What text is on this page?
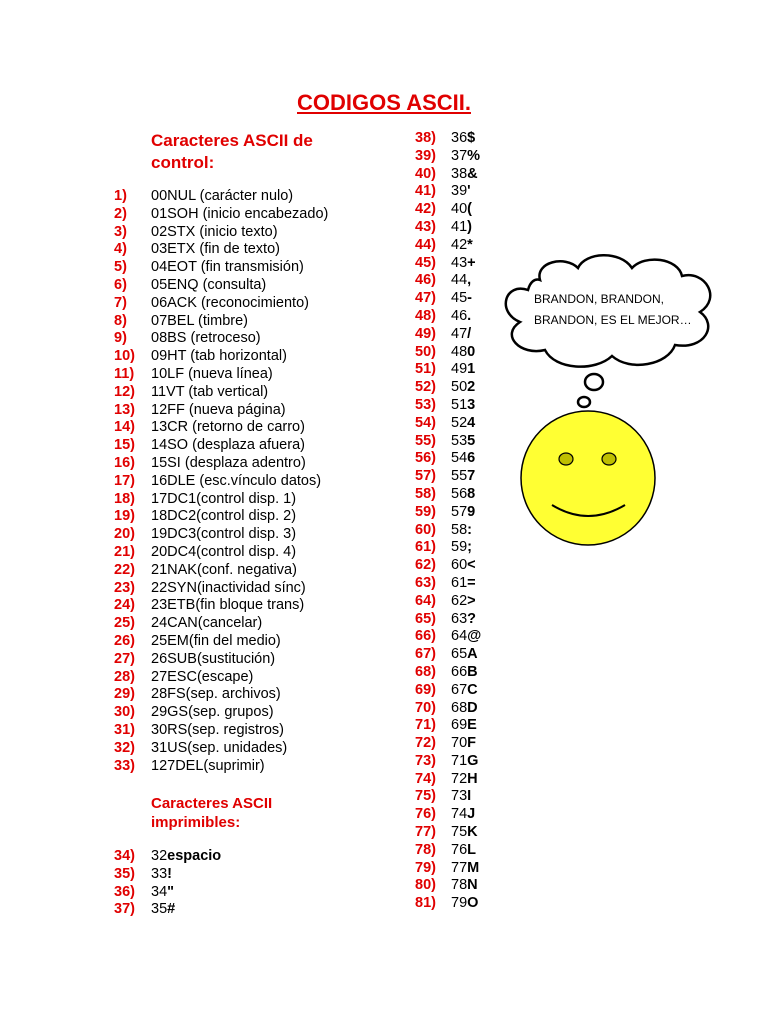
CODIGOS ASCII.
Caracteres ASCII de control:
1) 00NUL (carácter nulo)
2) 01SOH (inicio encabezado)
3) 02STX (inicio texto)
4) 03ETX (fin de texto)
5) 04EOT (fin transmisión)
6) 05ENQ (consulta)
7) 06ACK (reconocimiento)
8) 07BEL (timbre)
9) 08BS (retroceso)
10) 09HT (tab horizontal)
11) 10LF (nueva línea)
12) 11VT (tab vertical)
13) 12FF (nueva página)
14) 13CR (retorno de carro)
15) 14SO (desplaza afuera)
16) 15SI (desplaza adentro)
17) 16DLE (esc.vínculo datos)
18) 17DC1(control disp. 1)
19) 18DC2(control disp. 2)
20) 19DC3(control disp. 3)
21) 20DC4(control disp. 4)
22) 21NAK(conf. negativa)
23) 22SYN(inactividad sínc)
24) 23ETB(fin bloque trans)
25) 24CAN(cancelar)
26) 25EM(fin del medio)
27) 26SUB(sustitución)
28) 27ESC(escape)
29) 28FS(sep. archivos)
30) 29GS(sep. grupos)
31) 30RS(sep. registros)
32) 31US(sep. unidades)
33) 127DEL(suprimir)
Caracteres ASCII imprimibles:
34) 32espacio
35) 33!
36) 34"
37) 35#
38) 36$
39) 37%
40) 38&
41) 39'
42) 40(
43) 41)
44) 42*
45) 43+
46) 44,
47) 45-
48) 46.
49) 47/
50) 480
51) 491
52) 502
53) 513
54) 524
55) 535
56) 546
57) 557
58) 568
59) 579
60) 58:
61) 59;
62) 60<
63) 61=
64) 62>
65) 63?
66) 64@
67) 65A
68) 66B
69) 67C
70) 68D
71) 69E
72) 70F
73) 71G
74) 72H
75) 73I
76) 74J
77) 75K
78) 76L
79) 77M
80) 78N
81) 79O
BRANDON, BRANDON, BRANDON, ES EL MEJOR…
